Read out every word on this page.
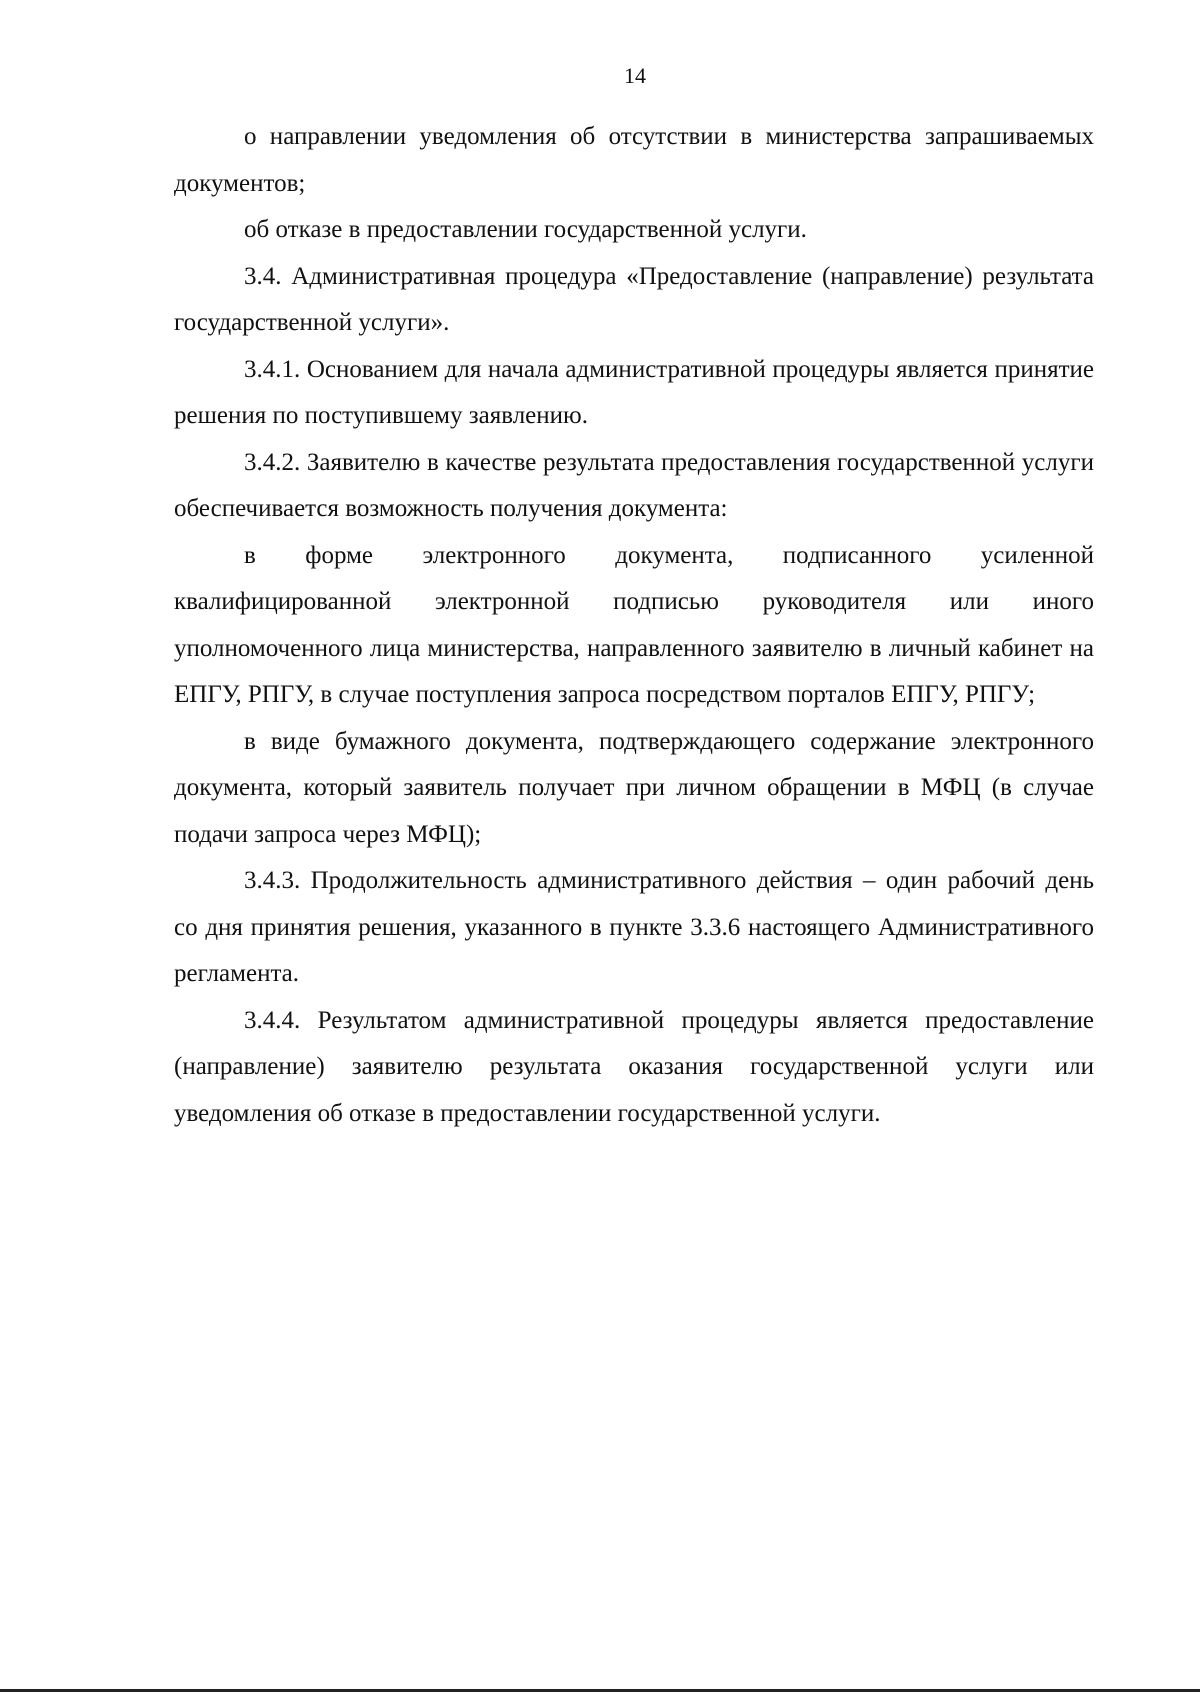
14

о направлении уведомления об отсутствии в министерства запрашиваемых документов;

об отказе в предоставлении государственной услуги.

3.4. Административная процедура «Предоставление (направление) результата государственной услуги».

3.4.1. Основанием для начала административной процедуры является принятие решения по поступившему заявлению.

3.4.2. Заявителю в качестве результата предоставления государственной услуги обеспечивается возможность получения документа:

в форме электронного документа, подписанного усиленной квалифицированной электронной подписью руководителя или иного уполномоченного лица министерства, направленного заявителю в личный кабинет на ЕПГУ, РПГУ, в случае поступления запроса посредством порталов ЕПГУ, РПГУ;

в виде бумажного документа, подтверждающего содержание электронного документа, который заявитель получает при личном обращении в МФЦ (в случае подачи запроса через МФЦ);

3.4.3. Продолжительность административного действия – один рабочий день со дня принятия решения, указанного в пункте 3.3.6 настоящего Административного регламента.

3.4.4. Результатом административной процедуры является предоставление (направление) заявителю результата оказания государственной услуги или уведомления об отказе в предоставлении государственной услуги.
